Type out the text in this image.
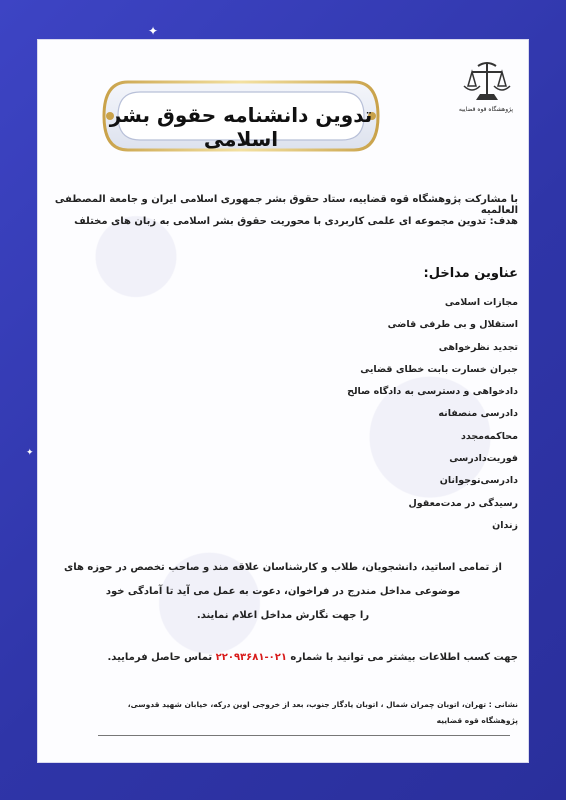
✦
✦
تدوین دانشنامه حقوق بشر اسلامی
پژوهشگاه قوه قضاییه
با مشارکت پژوهشگاه قوه قضاییه، ستاد حقوق بشر جمهوری اسلامی ایران و جامعة المصطفی العالمیه
هدف: تدوین مجموعه ای علمی کاربردی با محوریت حقوق بشر اسلامی به زبان های مختلف
عناوین مداخل:
مجازات اسلامی
استقلال و بی طرفی قاضی
تجدید نظرخواهی
جبران خسارت بابت خطای قضایی
دادخواهی و دسترسی به دادگاه صالح
دادرسی منصفانه
محاکمه‌مجدد
فوریت‌دادرسی
دادرسی‌نوجوانان
رسیدگی در مدت‌معقول
زندان
از تمامی اساتید، دانشجویان، طلاب و کارشناسان علاقه مند و صاحب تخصص در حوزه های
موضوعی مداخل مندرج در فراخوان، دعوت به عمل می آید تا آمادگی خود
را جهت نگارش مداخل اعلام نمایند.
جهت کسب اطلاعات بیشتر می توانید با شماره ۰۲۱-۲۲۰۹۳۶۸۱ تماس حاصل فرمایید.
نشانی : تهران، اتوبان چمران شمال ، اتوبان یادگار جنوب، بعد از خروجی اوین درکه، خیابان شهید قدوسی،
پژوهشگاه قوه قضاییه
